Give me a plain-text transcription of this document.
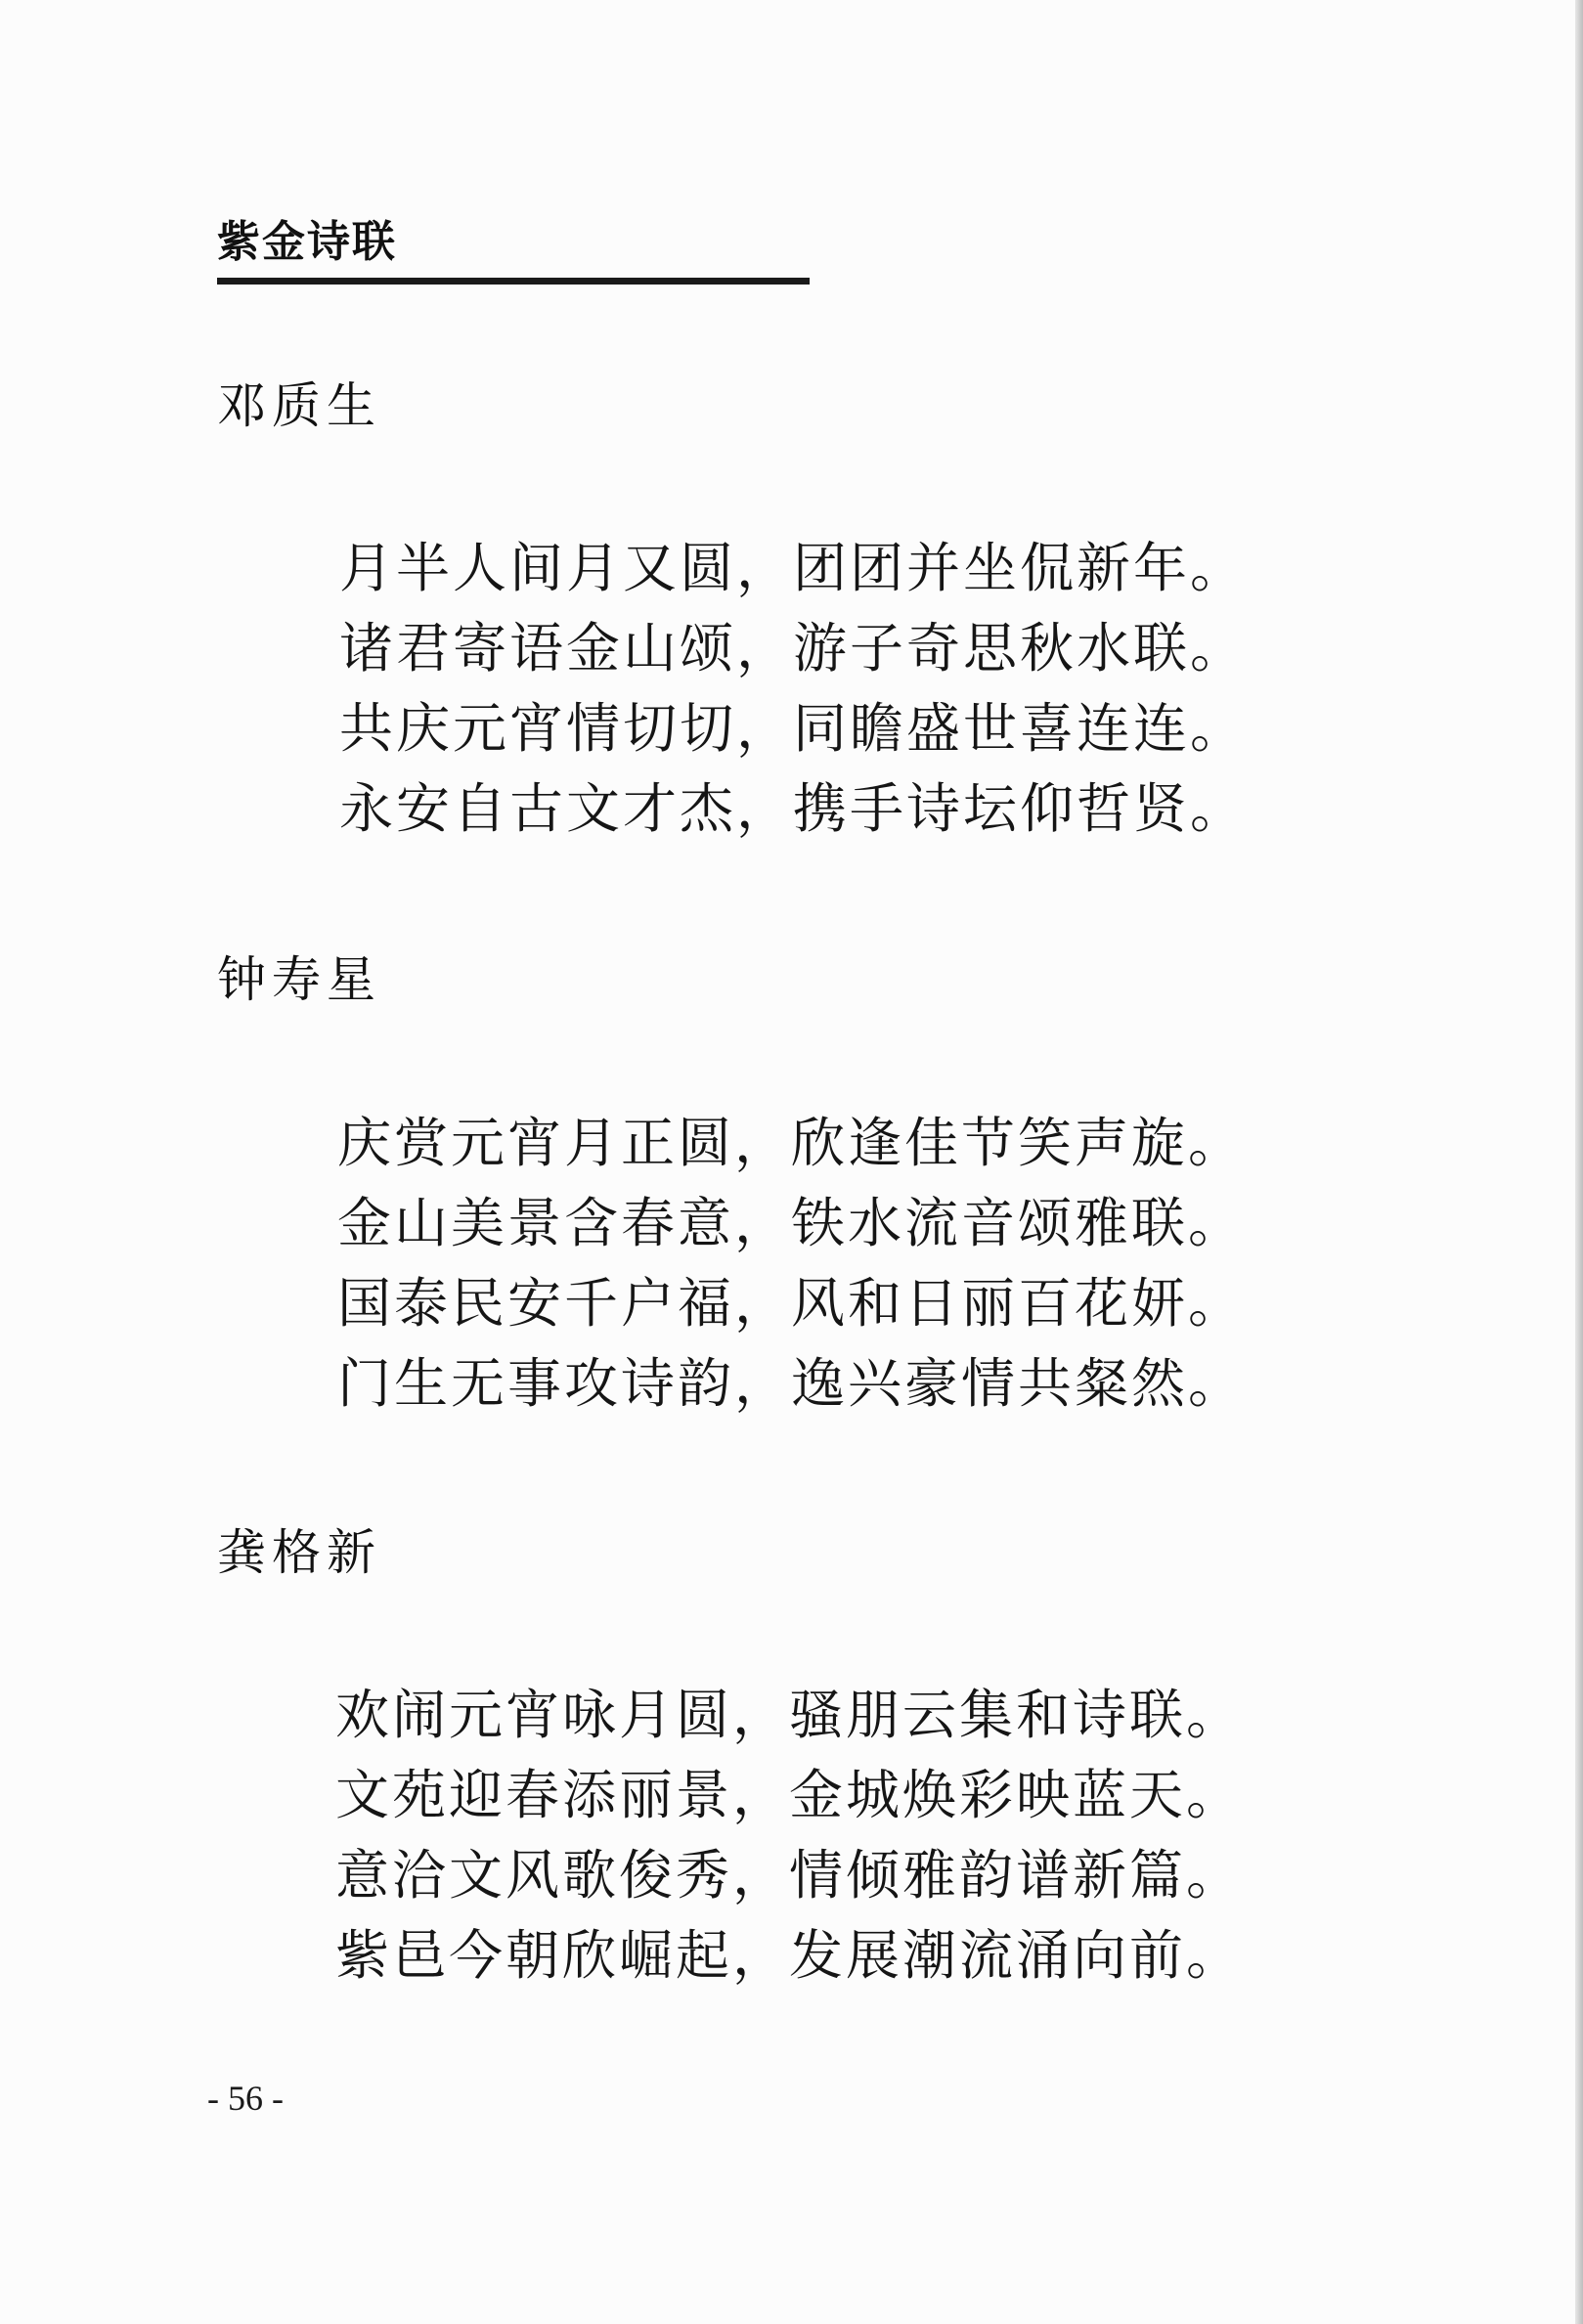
紫金诗联
邓质生
月半人间月又圆，团团并坐侃新年。
诸君寄语金山颂，游子奇思秋水联。
共庆元宵情切切，同瞻盛世喜连连。
永安自古文才杰，携手诗坛仰哲贤。
钟寿星
庆赏元宵月正圆，欣逢佳节笑声旋。
金山美景含春意，铁水流音颂雅联。
国泰民安千户福，风和日丽百花妍。
门生无事攻诗韵，逸兴豪情共粲然。
龚格新
欢闹元宵咏月圆，骚朋云集和诗联。
文苑迎春添丽景，金城焕彩映蓝天。
意洽文风歌俊秀，情倾雅韵谱新篇。
紫邑今朝欣崛起，发展潮流涌向前。
- 56 -
